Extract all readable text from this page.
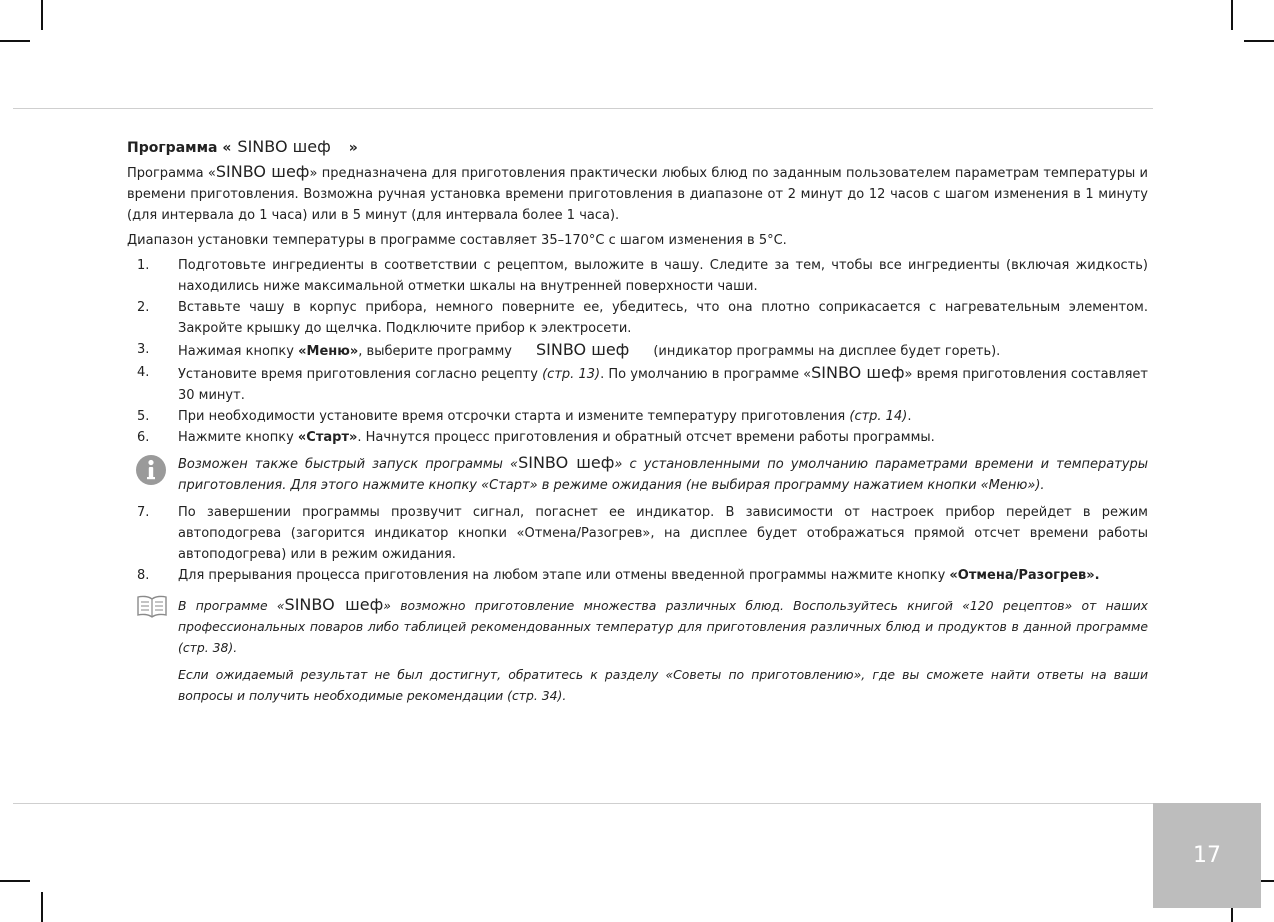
17
Программа « SINBO шеф »

Программа «SINBO шеф» предназначена для приготовления практически любых блюд по заданным пользователем параметрам температуры и времени приготовления. Возможна ручная установка времени приготовления в диапазоне от 2 минут до 12 часов с шагом изменения в 1 минуту (для интервала до 1 часа) или в 5 минут (для интервала более 1 часа).

Диапазон установки температуры в программе составляет 35–170°C с шагом изменения в 5°C.

1. Подготовьте ингредиенты в соответствии с рецептом, выложите в чашу. Следите за тем, чтобы все ингредиенты (включая жидкость) находились ниже максимальной отметки шкалы на внутренней поверхности чаши.
2. Вставьте чашу в корпус прибора, немного поверните ее, убедитесь, что она плотно соприкасается с нагревательным элементом. Закройте крышку до щелчка. Подключите прибор к электросети.
3. Нажимая кнопку «Меню», выберите программу SINBO шеф (индикатор программы на дисплее будет гореть).
4. Установите время приготовления согласно рецепту (стр. 13). По умолчанию в программе «SINBO шеф» время приготовления составляет 30 минут.
5. При необходимости установите время отсрочки старта и измените температуру приготовления (стр. 14).
6. Нажмите кнопку «Старт». Начнутся процесс приготовления и обратный отсчет времени работы программы.
Возможен также быстрый запуск программы «SINBO шеф» с установленными по умолчанию параметрами времени и температуры приготовления. Для этого нажмите кнопку «Старт» в режиме ожидания (не выбирая программу нажатием кнопки «Меню»).
7. По завершении программы прозвучит сигнал, погаснет ее индикатор. В зависимости от настроек прибор перейдет в режим автоподогрева (загорится индикатор кнопки «Отмена/Разогрев», на дисплее будет отображаться прямой отсчет времени работы автоподогрева) или в режим ожидания.
8. Для прерывания процесса приготовления на любом этапе или отмены введенной программы нажмите кнопку «Отмена/Разогрев».
В программе «SINBO шеф» возможно приготовление множества различных блюд. Воспользуйтесь книгой «120 рецептов» от наших профессиональных поваров либо таблицей рекомендованных температур для приготовления различных блюд и продуктов в данной программе (стр. 38).
Если ожидаемый результат не был достигнут, обратитесь к разделу «Советы по приготовлению», где вы сможете найти ответы на ваши вопросы и получить необходимые рекомендации (стр. 34).
